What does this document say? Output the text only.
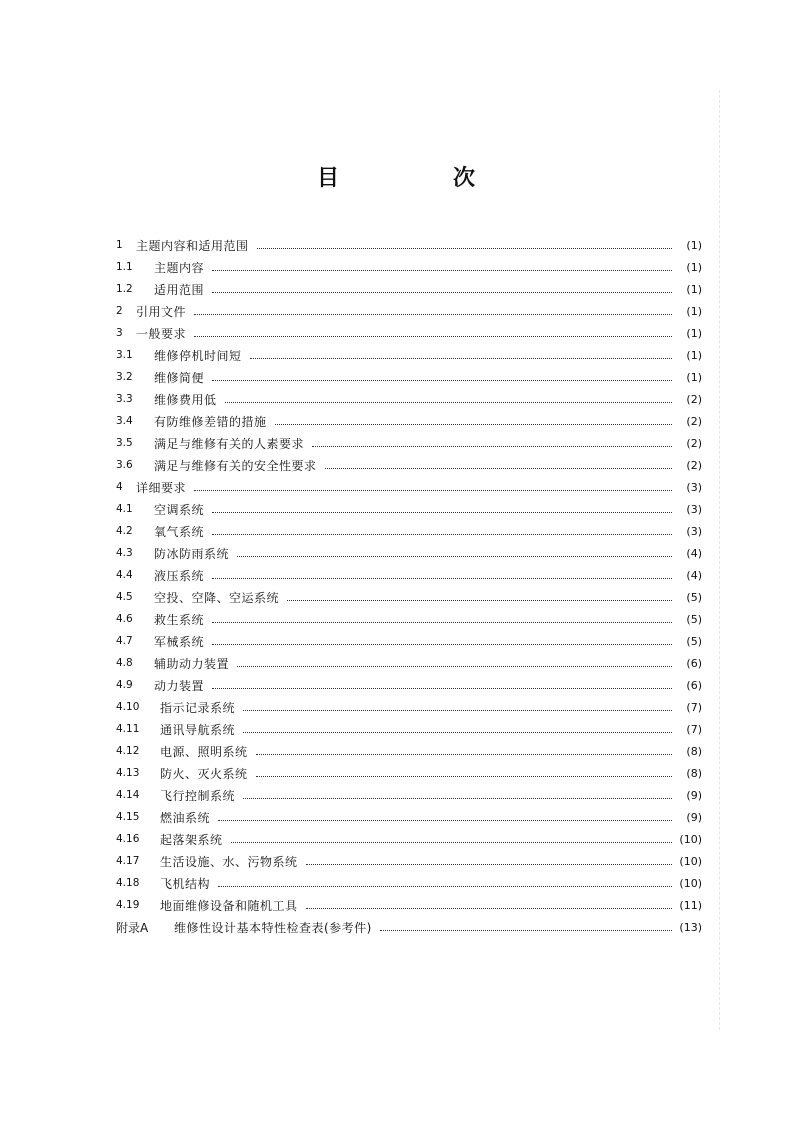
目　次
1	主题内容和适用范围	(1)
1.1	主题内容	(1)
1.2	适用范围	(1)
2	引用文件	(1)
3	一般要求	(1)
3.1	维修停机时间短	(1)
3.2	维修简便	(1)
3.3	维修费用低	(2)
3.4	有防维修差错的措施	(2)
3.5	满足与维修有关的人素要求	(2)
3.6	满足与维修有关的安全性要求	(2)
4	详细要求	(3)
4.1	空调系统	(3)
4.2	氧气系统	(3)
4.3	防冰防雨系统	(4)
4.4	液压系统	(4)
4.5	空投、空降、空运系统	(5)
4.6	救生系统	(5)
4.7	军械系统	(5)
4.8	辅助动力装置	(6)
4.9	动力装置	(6)
4.10	指示记录系统	(7)
4.11	通讯导航系统	(7)
4.12	电源、照明系统	(8)
4.13	防火、灭火系统	(8)
4.14	飞行控制系统	(9)
4.15	燃油系统	(9)
4.16	起落架系统	(10)
4.17	生活设施、水、污物系统	(10)
4.18	飞机结构	(10)
4.19	地面维修设备和随机工具	(11)
附录A	维修性设计基本特性检查表(参考件)	(13)
